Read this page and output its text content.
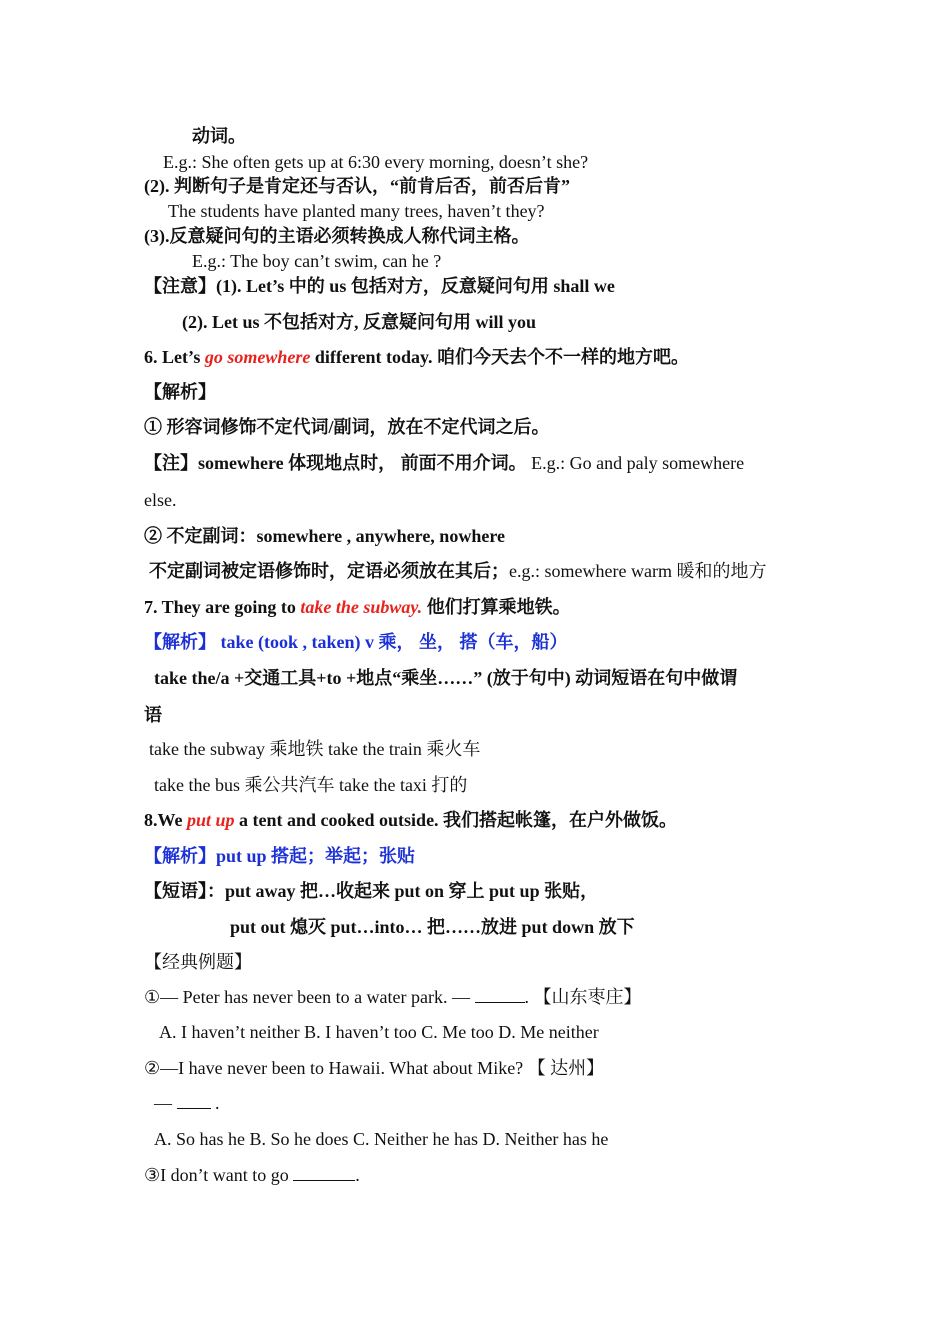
动词。
E.g.: She often gets up at 6:30 every morning, doesn’t she?
(2). 判断句子是肯定还与否认，“前肯后否，前否后肯”
The students have planted many trees, haven’t they?
(3).反意疑问句的主语必须转换成人称代词主格。
E.g.: The boy can’t swim, can he ?
【注意】(1). Let’s 中的 us 包括对方，反意疑问句用 shall we
(2). Let us 不包括对方, 反意疑问句用 will you
6. Let’s go somewhere different today. 咱们今天去个不一样的地方吧。
【解析】
① 形容词修饰不定代词/副词，放在不定代词之后。
【注】somewhere 体现地点时， 前面不用介词。 E.g.: Go and paly somewhere
else.
② 不定副词：somewhere , anywhere, nowhere
不定副词被定语修饰时，定语必须放在其后；e.g.: somewhere warm 暖和的地方
7. They are going to take the subway. 他们打算乘地铁。
【解析】 take (took , taken) v 乘， 坐， 搭（车，船）
take the/a +交通工具+to +地点“乘坐……” (放于句中) 动词短语在句中做谓
语
take the subway 乘地铁 take the train 乘火车
take the bus 乘公共汽车 take the taxi 打的
8.We put up a tent and cooked outside. 我们搭起帐篷，在户外做饭。
【解析】put up 搭起；举起；张贴
【短语】：put away 把…收起来 put on 穿上 put up 张贴，
put out 熄灭 put…into… 把……放进 put down 放下
【经典例题】
①— Peter has never been to a water park. —	. 【山东枣庄】
A. I haven’t neither B. I haven’t too C. Me too D. Me neither
②—I have never been to Hawaii. What about Mike? 【 达州】
—  .
A. So has he B. So he does C. Neither he has D. Neither has he
③I don’t want to go	.
